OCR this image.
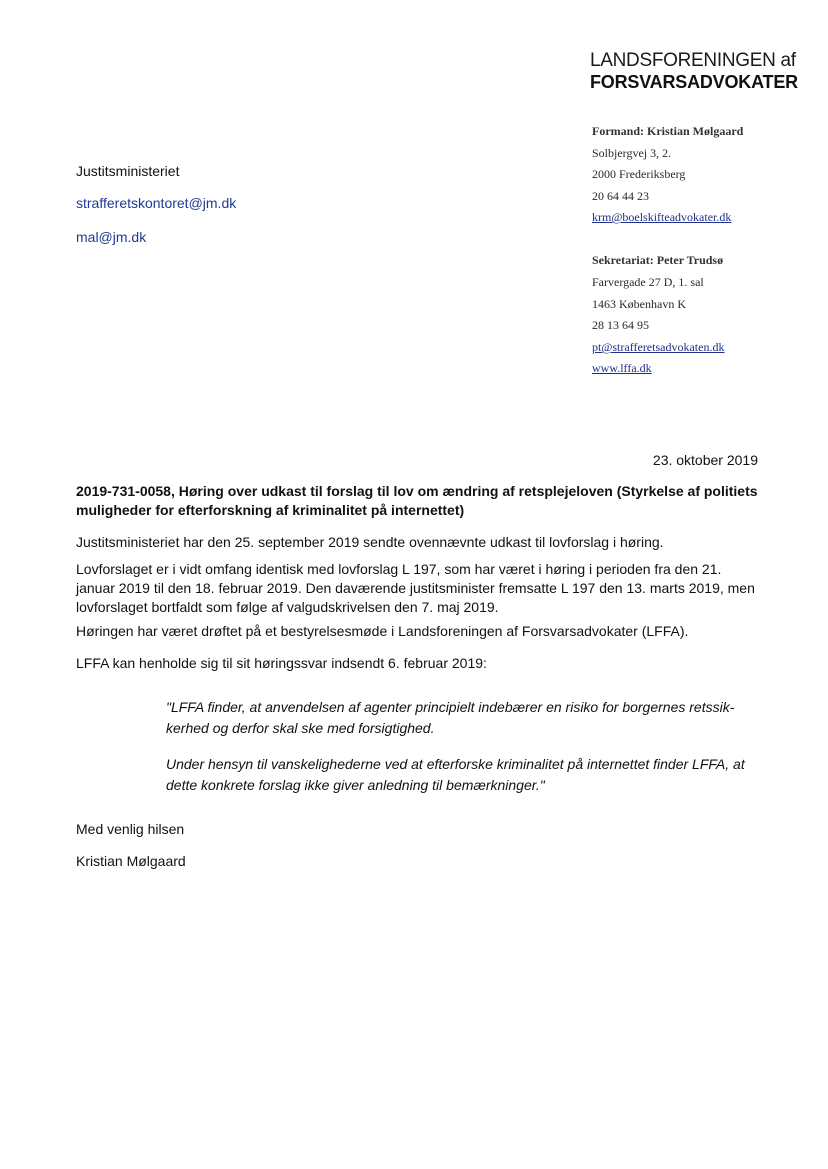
LANDSFORENINGEN af
FORSVARSADVOKATER
Formand: Kristian Mølgaard
Solbjergvej 3, 2.
2000 Frederiksberg
20 64 44 23
krm@boelskifteadvokater.dk
Sekretariat: Peter Trudsø
Farvergade 27 D, 1. sal
1463 København K
28 13 64 95
pt@strafferetsadvokaten.dk
www.lffa.dk
Justitsministeriet
strafferetskontoret@jm.dk
mal@jm.dk
23. oktober 2019
2019-731-0058, Høring over udkast til forslag til lov om ændring af retsplejeloven (Styrkelse af politiets muligheder for efterforskning af kriminalitet på internettet)
Justitsministeriet har den 25. september 2019 sendte ovennævnte udkast til lovforslag i høring.
Lovforslaget er i vidt omfang identisk med lovforslag L 197, som har været i høring i perioden fra den 21. januar 2019 til den 18. februar 2019. Den daværende justitsminister fremsatte L 197 den 13. marts 2019, men lovforslaget bortfaldt som følge af valgudskrivelsen den 7. maj 2019.
Høringen har været drøftet på et bestyrelsesmøde i Landsforeningen af Forsvarsadvokater (LFFA).
LFFA kan henholde sig til sit høringssvar indsendt 6. februar 2019:
"LFFA finder, at anvendelsen af agenter principielt indebærer en risiko for borgernes retssik-kerhed og derfor skal ske med forsigtighed.
Under hensyn til vanskelighederne ved at efterforske kriminalitet på internettet finder LFFA, at dette konkrete forslag ikke giver anledning til bemærkninger."
Med venlig hilsen
Kristian Mølgaard
